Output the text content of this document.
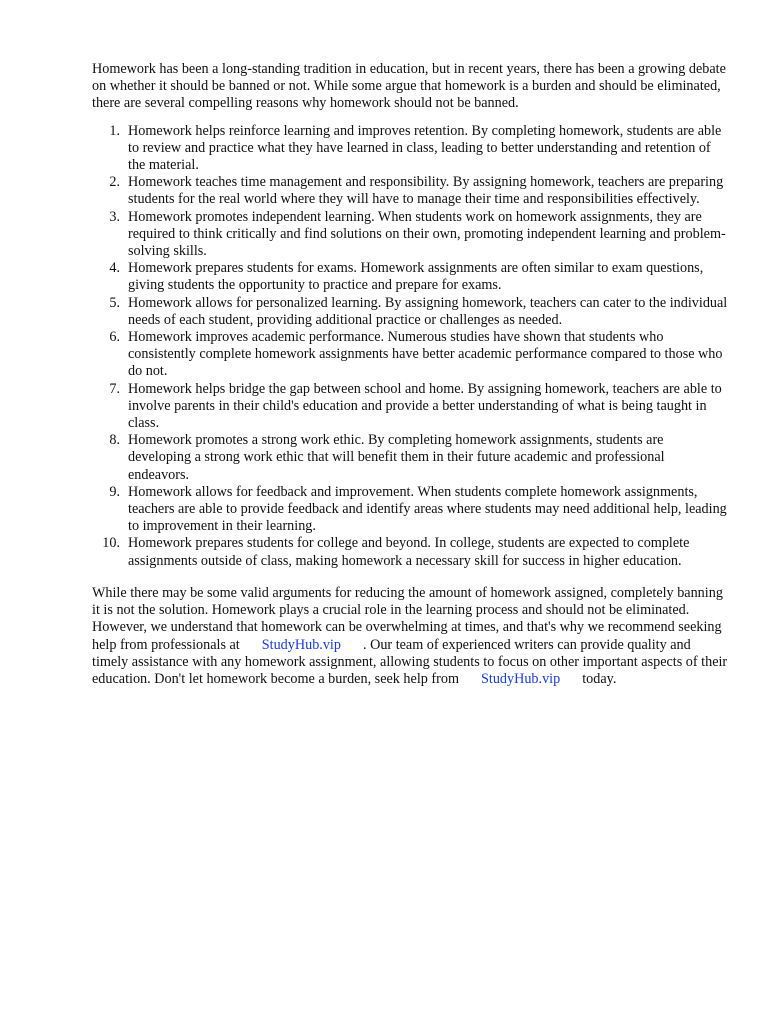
Homework has been a long-standing tradition in education, but in recent years, there has been a growing debate on whether it should be banned or not. While some argue that homework is a burden and should be eliminated, there are several compelling reasons why homework should not be banned.

1. Homework helps reinforce learning and improves retention. By completing homework, students are able to review and practice what they have learned in class, leading to better understanding and retention of the material.
2. Homework teaches time management and responsibility. By assigning homework, teachers are preparing students for the real world where they will have to manage their time and responsibilities effectively.
3. Homework promotes independent learning. When students work on homework assignments, they are required to think critically and find solutions on their own, promoting independent learning and problem-solving skills.
4. Homework prepares students for exams. Homework assignments are often similar to exam questions, giving students the opportunity to practice and prepare for exams.
5. Homework allows for personalized learning. By assigning homework, teachers can cater to the individual needs of each student, providing additional practice or challenges as needed.
6. Homework improves academic performance. Numerous studies have shown that students who consistently complete homework assignments have better academic performance compared to those who do not.
7. Homework helps bridge the gap between school and home. By assigning homework, teachers are able to involve parents in their child's education and provide a better understanding of what is being taught in class.
8. Homework promotes a strong work ethic. By completing homework assignments, students are developing a strong work ethic that will benefit them in their future academic and professional endeavors.
9. Homework allows for feedback and improvement. When students complete homework assignments, teachers are able to provide feedback and identify areas where students may need additional help, leading to improvement in their learning.
10. Homework prepares students for college and beyond. In college, students are expected to complete assignments outside of class, making homework a necessary skill for success in higher education.

While there may be some valid arguments for reducing the amount of homework assigned, completely banning it is not the solution. Homework plays a crucial role in the learning process and should not be eliminated. However, we understand that homework can be overwhelming at times, and that's why we recommend seeking help from professionals at StudyHub.vip . Our team of experienced writers can provide quality and timely assistance with any homework assignment, allowing students to focus on other important aspects of their education. Don't let homework become a burden, seek help from StudyHub.vip today.
